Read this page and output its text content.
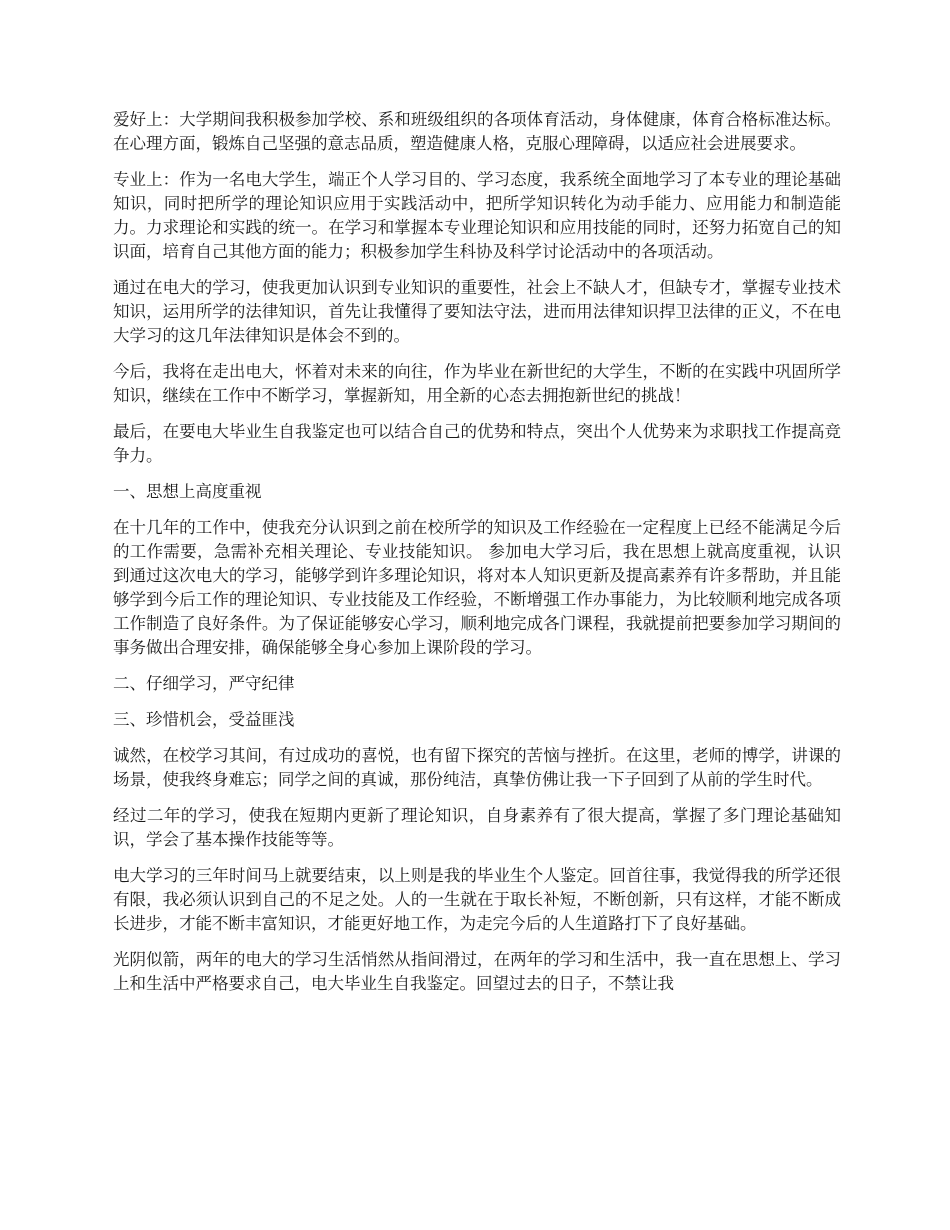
爱好上：大学期间我积极参加学校、系和班级组织的各项体育活动，身体健康，体育合格标准达标。在心理方面，锻炼自己坚强的意志品质，塑造健康人格，克服心理障碍，以适应社会进展要求。

专业上：作为一名电大学生，端正个人学习目的、学习态度，我系统全面地学习了本专业的理论基础知识，同时把所学的理论知识应用于实践活动中，把所学知识转化为动手能力、应用能力和制造能力。力求理论和实践的统一。在学习和掌握本专业理论知识和应用技能的同时，还努力拓宽自己的知识面，培育自己其他方面的能力；积极参加学生科协及科学讨论活动中的各项活动。

通过在电大的学习，使我更加认识到专业知识的重要性，社会上不缺人才，但缺专才，掌握专业技术知识，运用所学的法律知识，首先让我懂得了要知法守法，进而用法律知识捍卫法律的正义，不在电大学习的这几年法律知识是体会不到的。

今后，我将在走出电大，怀着对未来的向往，作为毕业在新世纪的大学生，不断的在实践中巩固所学知识，继续在工作中不断学习，掌握新知，用全新的心态去拥抱新世纪的挑战！

最后，在要电大毕业生自我鉴定也可以结合自己的优势和特点，突出个人优势来为求职找工作提高竞争力。

一、思想上高度重视

在十几年的工作中，使我充分认识到之前在校所学的知识及工作经验在一定程度上已经不能满足今后的工作需要，急需补充相关理论、专业技能知识。 参加电大学习后，我在思想上就高度重视，认识到通过这次电大的学习，能够学到许多理论知识，将对本人知识更新及提高素养有许多帮助，并且能够学到今后工作的理论知识、专业技能及工作经验，不断增强工作办事能力，为比较顺利地完成各项工作制造了良好条件。为了保证能够安心学习，顺利地完成各门课程，我就提前把要参加学习期间的事务做出合理安排，确保能够全身心参加上课阶段的学习。

二、仔细学习，严守纪律

三、珍惜机会，受益匪浅

诚然，在校学习其间，有过成功的喜悦，也有留下探究的苦恼与挫折。在这里，老师的博学，讲课的场景，使我终身难忘；同学之间的真诚，那份纯洁，真挚仿佛让我一下子回到了从前的学生时代。

经过二年的学习，使我在短期内更新了理论知识，自身素养有了很大提高，掌握了多门理论基础知识，学会了基本操作技能等等。

电大学习的三年时间马上就要结束，以上则是我的毕业生个人鉴定。回首往事，我觉得我的所学还很有限，我必须认识到自己的不足之处。人的一生就在于取长补短，不断创新，只有这样，才能不断成长进步，才能不断丰富知识，才能更好地工作，为走完今后的人生道路打下了良好基础。

光阴似箭，两年的电大的学习生活悄然从指间滑过，在两年的学习和生活中，我一直在思想上、学习上和生活中严格要求自己，电大毕业生自我鉴定。回望过去的日子，不禁让我
